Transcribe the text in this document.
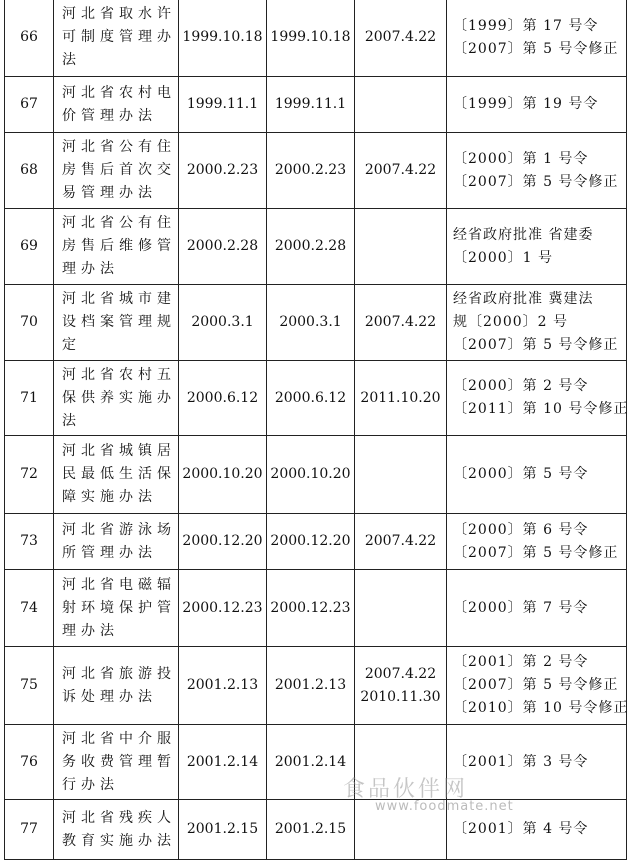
66	河北省取水许
可制度管理办
法	1999.10.18	1999.10.18	2007.4.22	〔1999〕第 17 号令
〔2007〕第 5 号令修正

67	河北省农村电
价管理办法	1999.11.1	1999.11.1		〔1999〕第 19 号令

68	河北省公有住
房售后首次交
易管理办法	2000.2.23	2000.2.23	2007.4.22	〔2000〕第 1 号令
〔2007〕第 5 号令修正

69	河北省公有住
房售后维修管
理办法	2000.2.28	2000.2.28		经省政府批准 省建委
〔2000〕1 号

70	河北省城市建
设档案管理规
定	2000.3.1	2000.3.1	2007.4.22	经省政府批准 冀建法
规〔2000〕2 号
〔2007〕第 5 号令修正

71	河北省农村五
保供养实施办
法	2000.6.12	2000.6.12	2011.10.20	〔2000〕第 2 号令
〔2011〕第 10 号令修正

72	河北省城镇居
民最低生活保
障实施办法	2000.10.20	2000.10.20		〔2000〕第 5 号令

73	河北省游泳场
所管理办法	2000.12.20	2000.12.20	2007.4.22	〔2000〕第 6 号令
〔2007〕第 5 号令修正

74	河北省电磁辐
射环境保护管
理办法	2000.12.23	2000.12.23		〔2000〕第 7 号令

75	河北省旅游投
诉处理办法	2001.2.13	2001.2.13	2007.4.22
2010.11.30	〔2001〕第 2 号令
〔2007〕第 5 号令修正
〔2010〕第 10 号令修正

76	河北省中介服
务收费管理暂
行办法	2001.2.14	2001.2.14		〔2001〕第 3 号令

77	河北省残疾人
教育实施办法	2001.2.15	2001.2.15		〔2001〕第 4 号令
食品伙伴网
www.foodmate.net
